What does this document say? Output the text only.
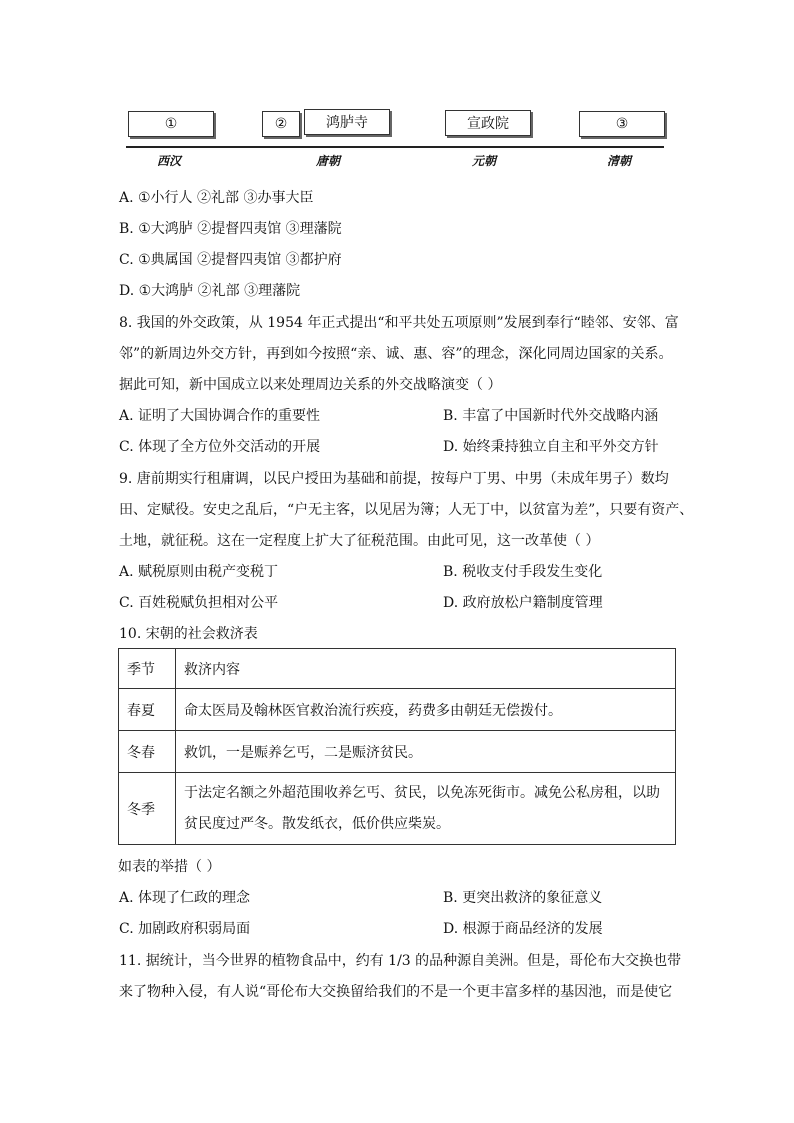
①	②	鸿胪寺	宣政院	③
西汉	唐朝	元朝	清朝
A. ①小行人 ②礼部 ③办事大臣
B. ①大鸿胪 ②提督四夷馆 ③理藩院
C. ①典属国 ②提督四夷馆 ③都护府
D. ①大鸿胪 ②礼部 ③理藩院
8. 我国的外交政策，从 1954 年正式提出“和平共处五项原则”发展到奉行“睦邻、安邻、富
邻”的新周边外交方针，再到如今按照“亲、诚、惠、容”的理念，深化同周边国家的关系。
据此可知，新中国成立以来处理周边关系的外交战略演变（ ）
A. 证明了大国协调合作的重要性	B. 丰富了中国新时代外交战略内涵
C. 体现了全方位外交活动的开展	D. 始终秉持独立自主和平外交方针
9. 唐前期实行租庸调，以民户授田为基础和前提，按每户丁男、中男（未成年男子）数均
田、定赋役。安史之乱后，“户无主客，以见居为簿；人无丁中，以贫富为差”，只要有资产、
土地，就征税。这在一定程度上扩大了征税范围。由此可见，这一改革使（ ）
A. 赋税原则由税产变税丁	B. 税收支付手段发生变化
C. 百姓税赋负担相对公平	D. 政府放松户籍制度管理
10. 宋朝的社会救济表
季节	救济内容
春夏	命太医局及翰林医官救治流行疾疫，药费多由朝廷无偿拨付。
冬春	救饥，一是赈养乞丐，二是赈济贫民。
冬季	于法定名额之外超范围收养乞丐、贫民，以免冻死街市。减免公私房租，以助贫民度过严冬。散发纸衣，低价供应柴炭。
如表的举措（ ）
A. 体现了仁政的理念	B. 更突出救济的象征意义
C. 加剧政府积弱局面	D. 根源于商品经济的发展
11. 据统计，当今世界的植物食品中，约有 1/3 的品种源自美洲。但是，哥伦布大交换也带
来了物种入侵，有人说“哥伦布大交换留给我们的不是一个更丰富多样的基因池，而是使它
